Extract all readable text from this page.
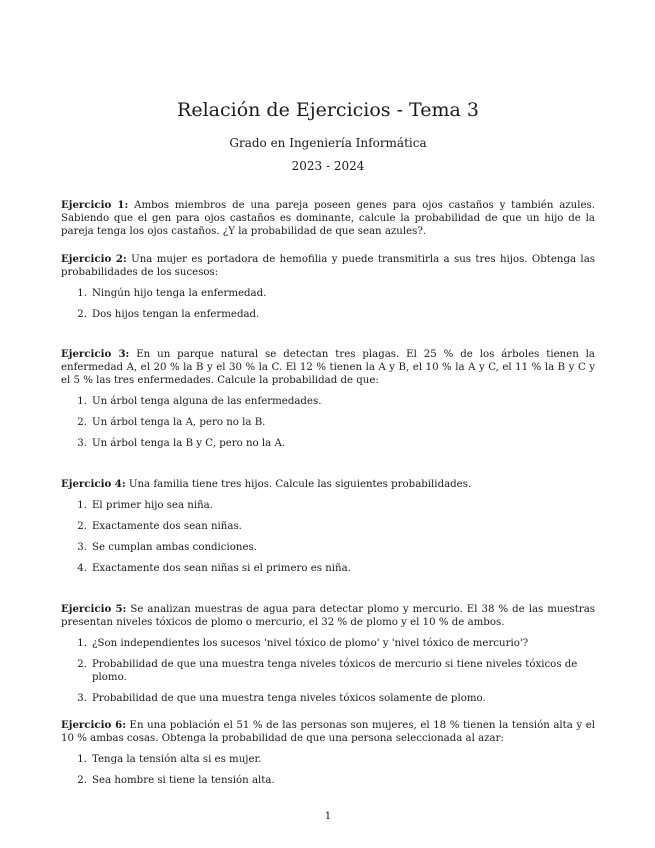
Relación de Ejercicios - Tema 3
Grado en Ingeniería Informática
2023 - 2024

Ejercicio 1: Ambos miembros de una pareja poseen genes para ojos castaños y también azules. Sabiendo que el gen para ojos castaños es dominante, calcule la probabilidad de que un hijo de la pareja tenga los ojos castaños. ¿Y la probabilidad de que sean azules?.

Ejercicio 2: Una mujer es portadora de hemofilia y puede transmitirla a sus tres hijos. Obtenga las probabilidades de los sucesos:

1. Ningún hijo tenga la enfermedad.
2. Dos hijos tengan la enfermedad.

Ejercicio 3: En un parque natural se detectan tres plagas. El 25 % de los árboles tienen la enfermedad A, el 20 % la B y el 30 % la C. El 12 % tienen la A y B, el 10 % la A y C, el 11 % la B y C y el 5 % las tres enfermedades. Calcule la probabilidad de que:

1. Un árbol tenga alguna de las enfermedades.
2. Un árbol tenga la A, pero no la B.
3. Un árbol tenga la B y C, pero no la A.

Ejercicio 4: Una familia tiene tres hijos. Calcule las siguientes probabilidades.

1. El primer hijo sea niña.
2. Exactamente dos sean niñas.
3. Se cumplan ambas condiciones.
4. Exactamente dos sean niñas si el primero es niña.

Ejercicio 5: Se analizan muestras de agua para detectar plomo y mercurio. El 38 % de las muestras presentan niveles tóxicos de plomo o mercurio, el 32 % de plomo y el 10 % de ambos.

1. ¿Son independientes los sucesos 'nivel tóxico de plomo' y 'nivel tóxico de mercurio'?
2. Probabilidad de que una muestra tenga niveles tóxicos de mercurio si tiene niveles tóxicos de plomo.
3. Probabilidad de que una muestra tenga niveles tóxicos solamente de plomo.

Ejercicio 6: En una población el 51 % de las personas son mujeres, el 18 % tienen la tensión alta y el 10 % ambas cosas. Obtenga la probabilidad de que una persona seleccionada al azar:

1. Tenga la tensión alta si es mujer.
2. Sea hombre si tiene la tensión alta.
1
